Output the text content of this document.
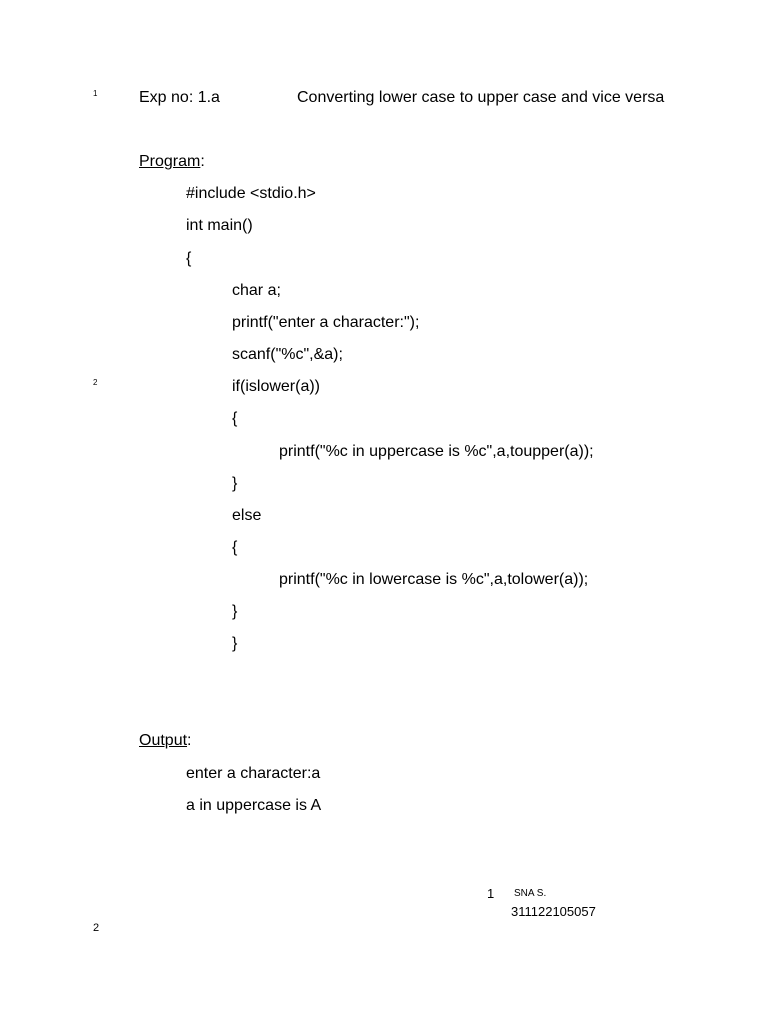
1
2
2
Exp no: 1.a	Converting lower case to upper case and vice versa
Program:
#include <stdio.h>
int main()
{
char a;
printf("enter a character:");
scanf("%c",&a);
if(islower(a))
{
printf("%c in uppercase is %c",a,toupper(a));
}
else
{
printf("%c in lowercase is %c",a,tolower(a));
}
}
Output:
enter a character:a
a in uppercase is A
1 SNA S.
311122105057
